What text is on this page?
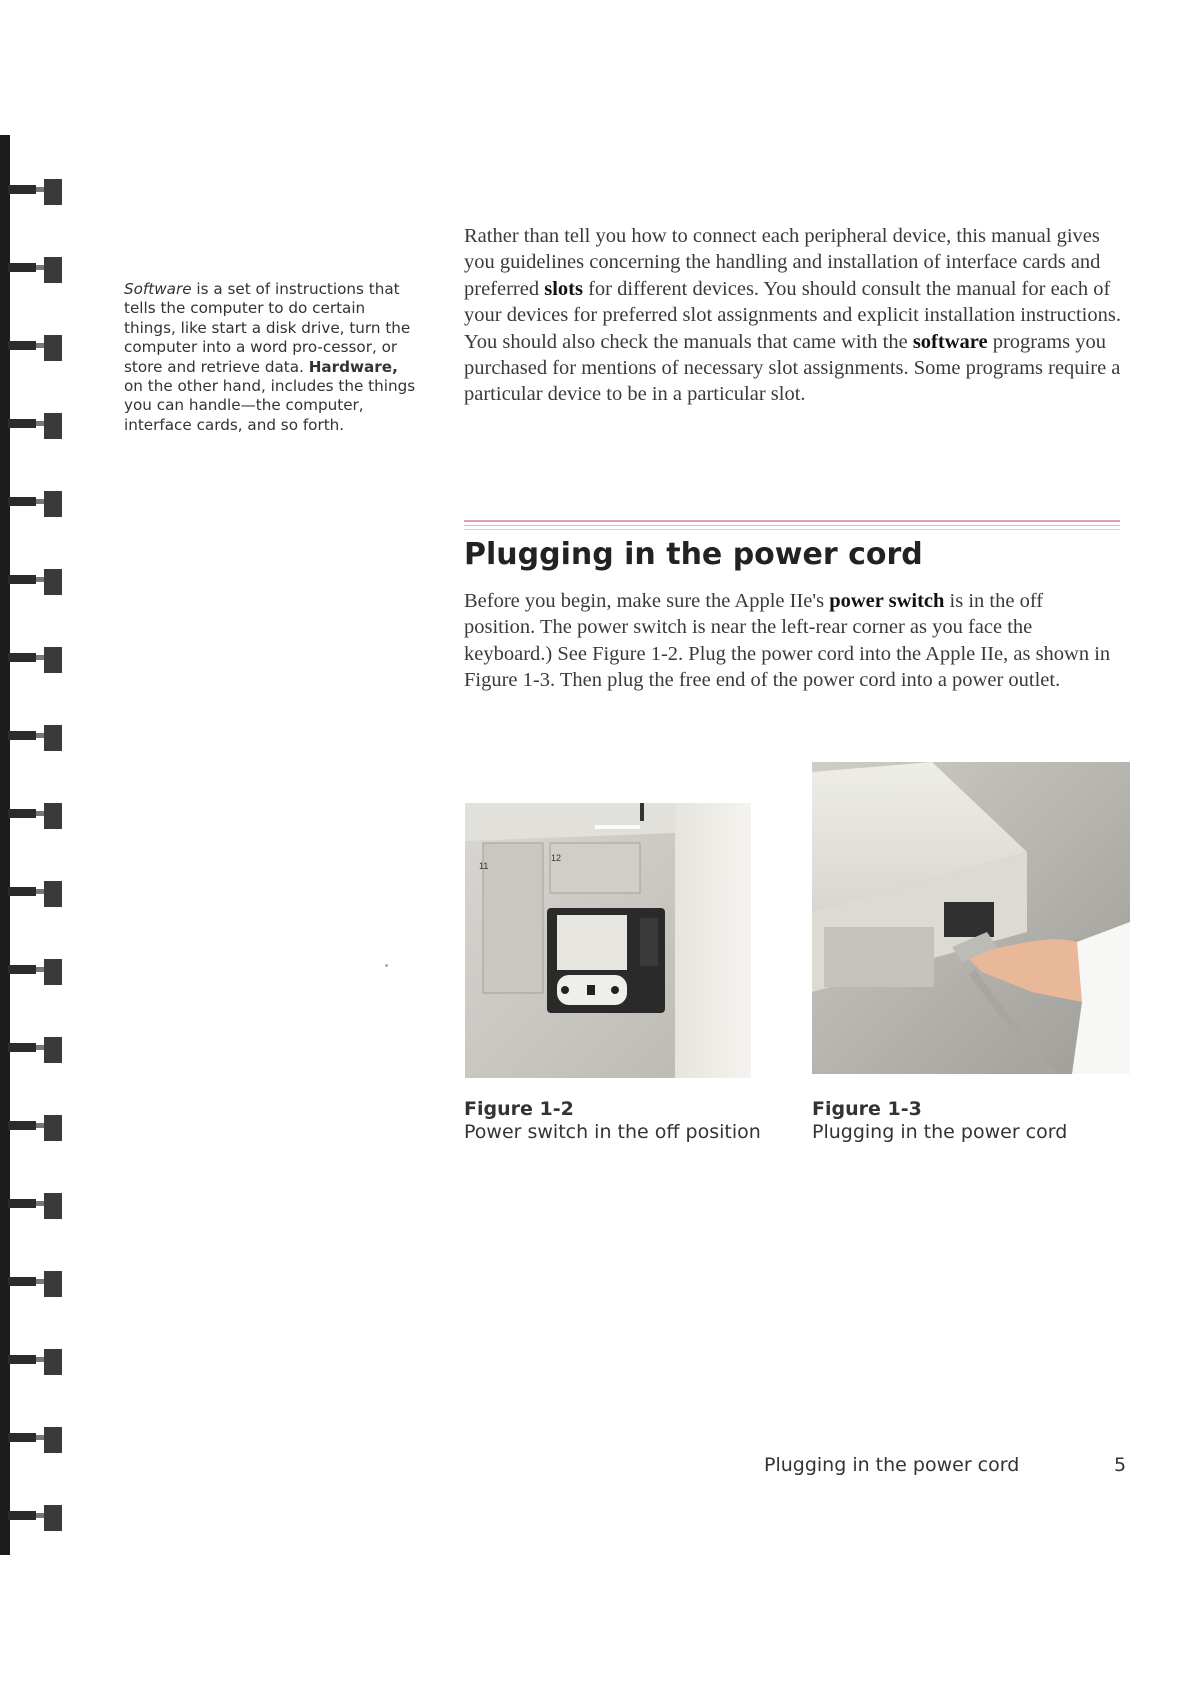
Software is a set of instructions that tells the computer to do certain things, like start a disk drive, turn the computer into a word pro-cessor, or store and retrieve data. Hardware, on the other hand, includes the things you can handle—the computer, interface cards, and so forth.

Rather than tell you how to connect each peripheral device, this manual gives you guidelines concerning the handling and installation of interface cards and preferred slots for different devices. You should consult the manual for each of your devices for preferred slot assignments and explicit installation instructions. You should also check the manuals that came with the software programs you purchased for mentions of necessary slot assignments. Some programs require a particular device to be in a particular slot.

Plugging in the power cord

Before you begin, make sure the Apple IIe's power switch is in the off position. The power switch is near the left-rear corner as you face the keyboard.) See Figure 1-2. Plug the power cord into the Apple IIe, as shown in Figure 1-3. Then plug the free end of the power cord into a power outlet.

11
12
Figure 1-2
Power switch in the off position
Figure 1-3
Plugging in the power cord
Plugging in the power cord	5
